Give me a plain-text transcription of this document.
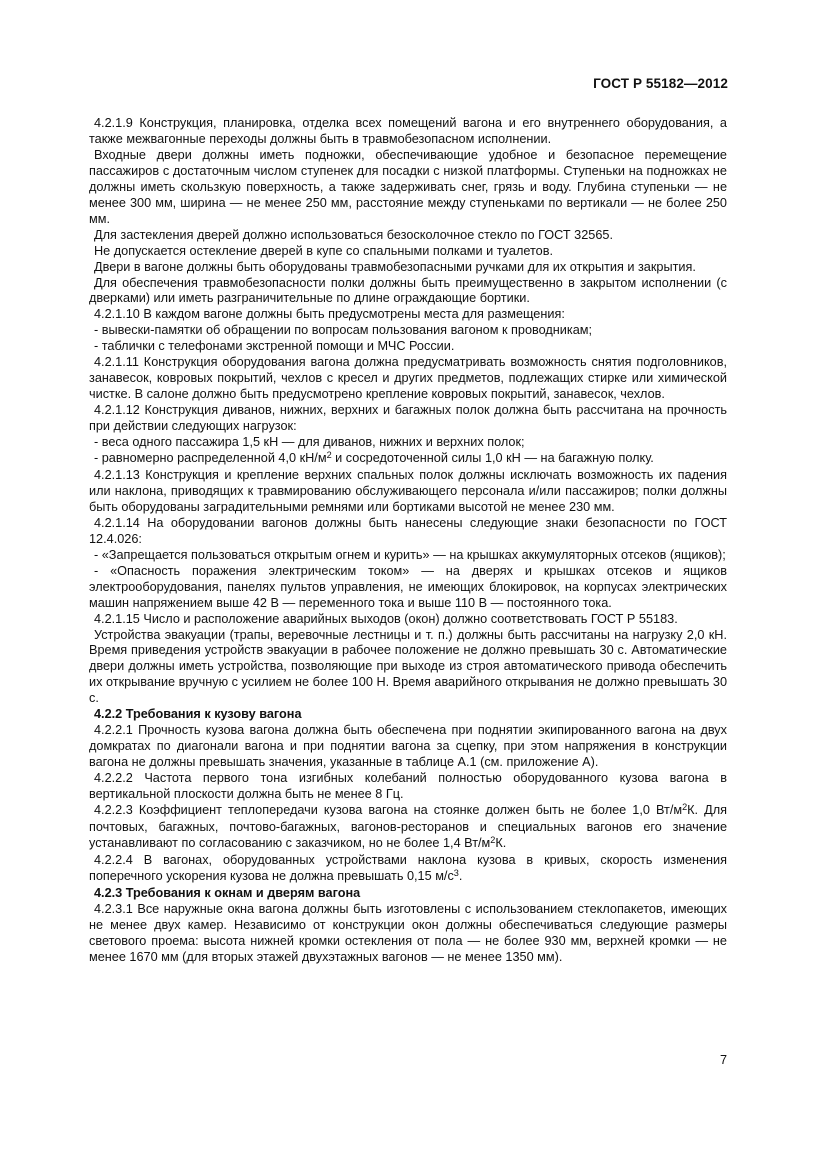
ГОСТ Р 55182—2012

4.2.1.9 Конструкция, планировка, отделка всех помещений вагона и его внутреннего оборудования, а также межвагонные переходы должны быть в травмобезопасном исполнении.

Входные двери должны иметь подножки, обеспечивающие удобное и безопасное перемещение пассажиров с достаточным числом ступенек для посадки с низкой платформы. Ступеньки на подножках не должны иметь скользкую поверхность, а также задерживать снег, грязь и воду. Глубина ступеньки — не менее 300 мм, ширина — не менее 250 мм, расстояние между ступеньками по вертикали — не более 250 мм.

Для застекления дверей должно использоваться безосколочное стекло по ГОСТ 32565.

Не допускается остекление дверей в купе со спальными полками и туалетов.

Двери в вагоне должны быть оборудованы травмобезопасными ручками для их открытия и закрытия.

Для обеспечения травмобезопасности полки должны быть преимущественно в закрытом исполнении (с дверками) или иметь разграничительные по длине ограждающие бортики.

4.2.1.10 В каждом вагоне должны быть предусмотрены места для размещения:

- вывески-памятки об обращении по вопросам пользования вагоном к проводникам;

- таблички с телефонами экстренной помощи и МЧС России.

4.2.1.11 Конструкция оборудования вагона должна предусматривать возможность снятия подголовников, занавесок, ковровых покрытий, чехлов с кресел и других предметов, подлежащих стирке или химической чистке. В салоне должно быть предусмотрено крепление ковровых покрытий, занавесок, чехлов.

4.2.1.12 Конструкция диванов, нижних, верхних и багажных полок должна быть рассчитана на прочность при действии следующих нагрузок:

- веса одного пассажира 1,5 кН — для диванов, нижних и верхних полок;

- равномерно распределенной 4,0 $кН/м^2$ и сосредоточенной силы 1,0 кН — на багажную полку.

4.2.1.13 Конструкция и крепление верхних спальных полок должны исключать возможность их падения или наклона, приводящих к травмированию обслуживающего персонала и/или пассажиров; полки должны быть оборудованы заградительными ремнями или бортиками высотой не менее 230 мм.

4.2.1.14 На оборудовании вагонов должны быть нанесены следующие знаки безопасности по ГОСТ 12.4.026:

- «Запрещается пользоваться открытым огнем и курить» — на крышках аккумуляторных отсеков (ящиков);

- «Опасность поражения электрическим током» — на дверях и крышках отсеков и ящиков электрооборудования, панелях пультов управления, не имеющих блокировок, на корпусах электрических машин напряжением выше 42 В — переменного тока и выше 110 В — постоянного тока.

4.2.1.15 Число и расположение аварийных выходов (окон) должно соответствовать ГОСТ Р 55183.

Устройства эвакуации (трапы, веревочные лестницы и т. п.) должны быть рассчитаны на нагрузку 2,0 кН. Время приведения устройств эвакуации в рабочее положение не должно превышать 30 с. Автоматические двери должны иметь устройства, позволяющие при выходе из строя автоматического привода обеспечить их открывание вручную с усилием не более 100 Н. Время аварийного открывания не должно превышать 30 с.

4.2.2 Требования к кузову вагона

4.2.2.1 Прочность кузова вагона должна быть обеспечена при поднятии экипированного вагона на двух домкратах по диагонали вагона и при поднятии вагона за сцепку, при этом напряжения в конструкции вагона не должны превышать значения, указанные в таблице А.1 (см. приложение А).

4.2.2.2 Частота первого тона изгибных колебаний полностью оборудованного кузова вагона в вертикальной плоскости должна быть не менее 8 Гц.

4.2.2.3 Коэффициент теплопередачи кузова вагона на стоянке должен быть не более 1,0 $Вт/м^2К$. Для почтовых, багажных, почтово-багажных, вагонов-ресторанов и специальных вагонов его значение устанавливают по согласованию с заказчиком, но не более 1,4 $Вт/м^2К$.

4.2.2.4 В вагонах, оборудованных устройствами наклона кузова в кривых, скорость изменения поперечного ускорения кузова не должна превышать 0,15 $м/с^3$.

4.2.3 Требования к окнам и дверям вагона

4.2.3.1 Все наружные окна вагона должны быть изготовлены с использованием стеклопакетов, имеющих не менее двух камер. Независимо от конструкции окон должны обеспечиваться следующие размеры светового проема: высота нижней кромки остекления от пола — не более 930 мм, верхней кромки — не менее 1670 мм (для вторых этажей двухэтажных вагонов — не менее 1350 мм).

7
